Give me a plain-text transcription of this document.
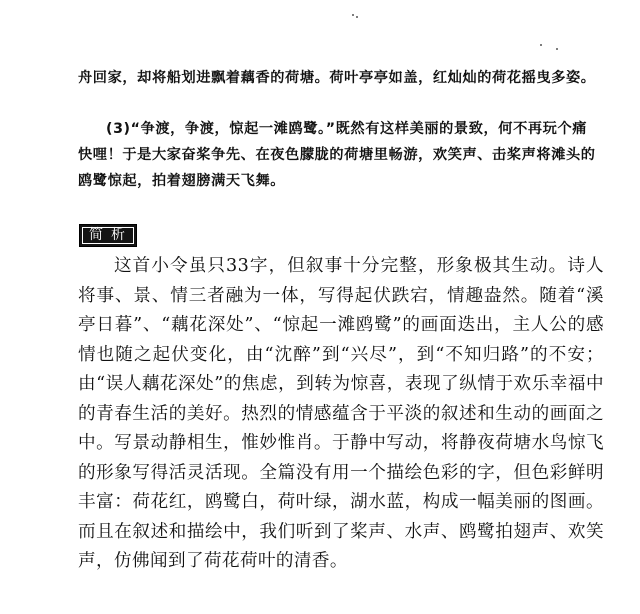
舟回家，却将船划进飘着藕香的荷塘。荷叶亭亭如盖，红灿灿的荷花摇曳多姿。

(3)“争渡，争渡，惊起一滩鸥鹭。”既然有这样美丽的景致，何不再玩个痛快哩！于是大家奋桨争先、在夜色朦胧的荷塘里畅游，欢笑声、击桨声将滩头的鸥鹭惊起，拍着翅膀满天飞舞。

简析

这首小令虽只33字，但叙事十分完整，形象极其生动。诗人将事、景、情三者融为一体，写得起伏跌宕，情趣盎然。随着“溪亭日暮”、“藕花深处”、“惊起一滩鸥鹭”的画面迭出，主人公的感情也随之起伏变化，由“沈醉”到“兴尽”，到“不知归路”的不安；由“误人藕花深处”的焦虑，到转为惊喜，表现了纵情于欢乐幸福中的青春生活的美好。热烈的情感蕴含于平淡的叙述和生动的画面之中。写景动静相生，惟妙惟肖。于静中写动，将静夜荷塘水鸟惊飞的形象写得活灵活现。全篇没有用一个描绘色彩的字，但色彩鲜明丰富：荷花红，鸥鹭白，荷叶绿，湖水蓝，构成一幅美丽的图画。而且在叙述和描绘中，我们听到了桨声、水声、鸥鹭拍翅声、欢笑声，仿佛闻到了荷花荷叶的清香。
